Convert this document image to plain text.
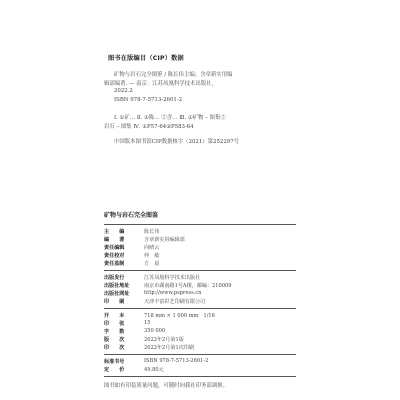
图书在版编目（CIP）数据
矿物与岩石完全图鉴 / 陈长伟主编；含章新实用编
辑部编著. — 南京：江苏凤凰科学技术出版社,
2022.2
ISBN 978-7-5713-2601-2
Ⅰ. ①矿… Ⅱ. ①陈… ②含… Ⅲ. ①矿物 – 图集②
岩石 – 图集 Ⅳ. ①P57-64②P583-64
中国版本图书馆CIP数据核字（2021）第252297号
矿物与岩石完全图鉴
主　　编	陈长伟
编　　著	含章新实用编辑部
责任编辑	向晴云
责任校对	仲　敏
责任监制	方　晨
出版发行	江苏凤凰科学技术出版社
出版社地址	南京市湖南路1号A楼，邮编：210009
出版社网址	http://www.pspress.cn
印　　刷	天津丰富彩艺印刷有限公司
开　　本	718 mm × 1 000 mm　1/16
印　　张	15
字　　数	350 000
版　　次	2022年2月第1版
印　　次	2022年2月第1次印刷
标准书号	ISBN 978-7-5713-2601-2
定　　价	49.80元
图书如有印装质量问题，可随时向我社印务部调换。
